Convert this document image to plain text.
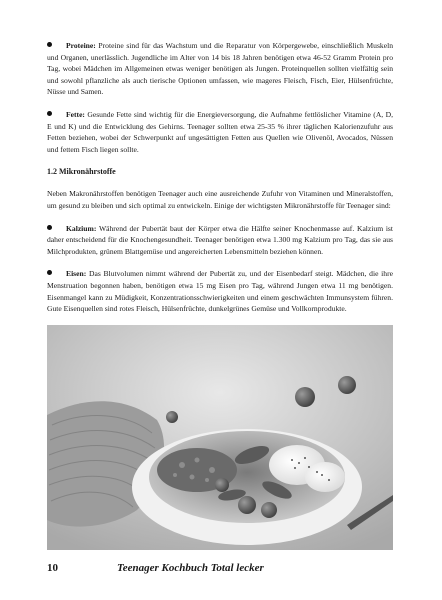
Proteine: Proteine sind für das Wachstum und die Reparatur von Körpergewebe, einschließlich Muskeln und Organen, unerlässlich. Jugendliche im Alter von 14 bis 18 Jahren benötigen etwa 46-52 Gramm Protein pro Tag, wobei Mädchen im Allgemeinen etwas weniger benötigen als Jungen. Proteinquellen sollten vielfältig sein und sowohl pflanzliche als auch tierische Optionen umfassen, wie mageres Fleisch, Fisch, Eier, Hülsenfrüchte, Nüsse und Samen.

Fette: Gesunde Fette sind wichtig für die Energieversorgung, die Aufnahme fettlöslicher Vitamine (A, D, E und K) und die Entwicklung des Gehirns. Teenager sollten etwa 25-35 % ihrer täglichen Kalorienzufuhr aus Fetten beziehen, wobei der Schwerpunkt auf ungesättigten Fetten aus Quellen wie Olivenöl, Avocados, Nüssen und fettem Fisch liegen sollte.

1.2 Mikronährstoffe

Neben Makronährstoffen benötigen Teenager auch eine ausreichende Zufuhr von Vitaminen und Mineralstoffen, um gesund zu bleiben und sich optimal zu entwickeln. Einige der wichtigsten Mikronährstoffe für Teenager sind:

Kalzium: Während der Pubertät baut der Körper etwa die Hälfte seiner Knochenmasse auf. Kalzium ist daher entscheidend für die Knochengesundheit. Teenager benötigen etwa 1.300 mg Kalzium pro Tag, das sie aus Milchprodukten, grünem Blattgemüse und angereicherten Lebensmitteln beziehen können.

Eisen: Das Blutvolumen nimmt während der Pubertät zu, und der Eisenbedarf steigt. Mädchen, die ihre Menstruation begonnen haben, benötigen etwa 15 mg Eisen pro Tag, während Jungen etwa 11 mg benötigen. Eisenmangel kann zu Müdigkeit, Konzentrationsschwierigkeiten und einem geschwächten Immunsystem führen. Gute Eisenquellen sind rotes Fleisch, Hülsenfrüchte, dunkelgrünes Gemüse und Vollkornprodukte.

10	Teenager Kochbuch Total lecker
